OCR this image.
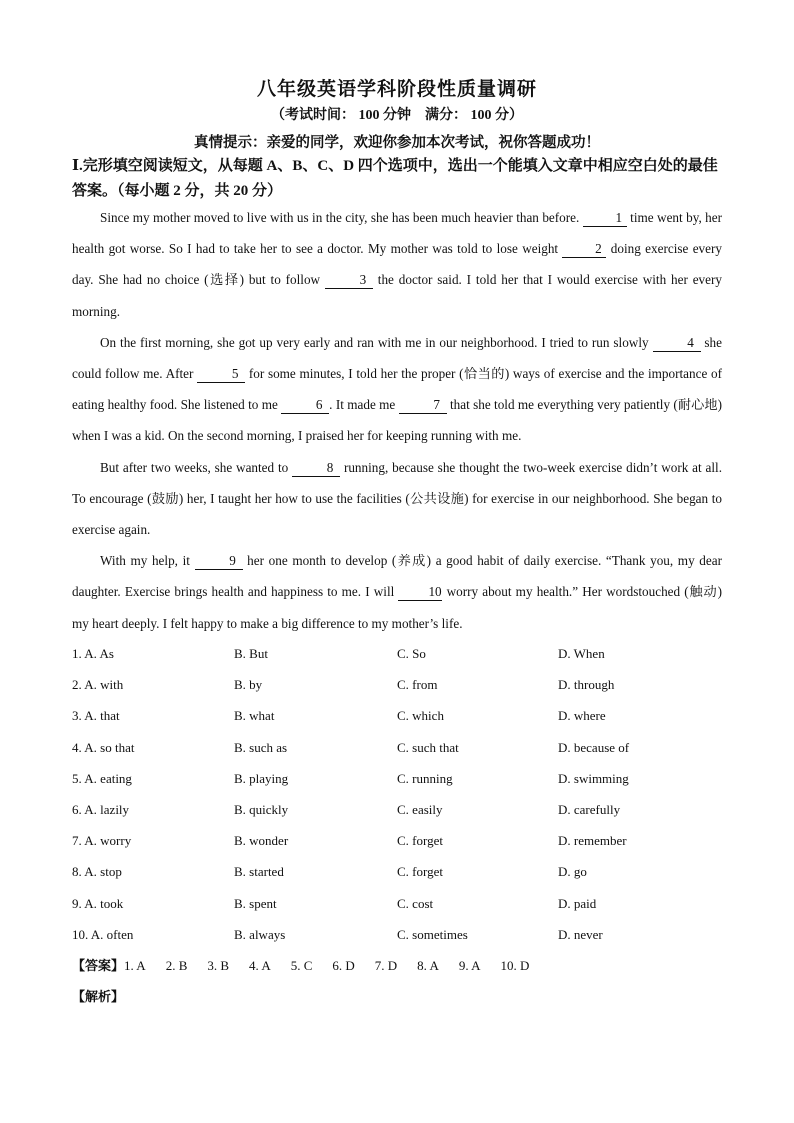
八年级英语学科阶段性质量调研
（考试时间： 100 分钟　满分： 100 分）
真情提示：亲爱的同学，欢迎你参加本次考试，祝你答题成功！
Ⅰ.完形填空阅读短文，从每题 A、B、C、D 四个选项中，选出一个能填入文章中相应空白处的最佳答案。（每小题 2 分，共 20 分）

Since my mother moved to live with us in the city, she has been much heavier than before. 1 time went by, her health got worse. So I had to take her to see a doctor. My mother was told to lose weight 2 doing exercise every day. She had no choice (选择) but to follow	3 the doctor said. I told her that I would exercise with her every morning.

On the first morning, she got up very early and ran with me in our neighborhood. I tried to run slowly	4 she could follow me. After	5 for some minutes, I told her the proper (恰当的) ways of exercise and the importance of eating healthy food. She listened to me	6 . It made me	7 that she told me everything very patiently (耐心地) when I was a kid. On the second morning, I praised her for keeping running with me.

But after two weeks, she wanted to	8 running, because she thought the two-week exercise didn’t work at all. To encourage (鼓励) her, I taught her how to use the facilities (公共设施) for exercise in our neighborhood. She began to exercise again.

With my help, it	9 her one month to develop (养成) a good habit of daily exercise. “Thank you, my dear daughter. Exercise brings health and happiness to me. I will 10 worry about my health.” Her wordstouched (触动) my heart deeply. I felt happy to make a big difference to my mother’s life.

1. A. As	B. But	C. So	D. When
2. A. with	B. by	C. from	D. through
3. A. that	B. what	C. which	D. where
4. A. so that	B. such as	C. such that	D. because of
5. A. eating	B. playing	C. running	D. swimming
6. A. lazily	B. quickly	C. easily	D. carefully
7. A. worry	B. wonder	C. forget	D. remember
8. A. stop	B. started	C. forget	D. go
9. A. took	B. spent	C. cost	D. paid
10. A. often	B. always	C. sometimes	D. never
【答案】1. A 2. B 3. B 4. A 5. C 6. D 7. D 8. A 9. A 10. D
【解析】
